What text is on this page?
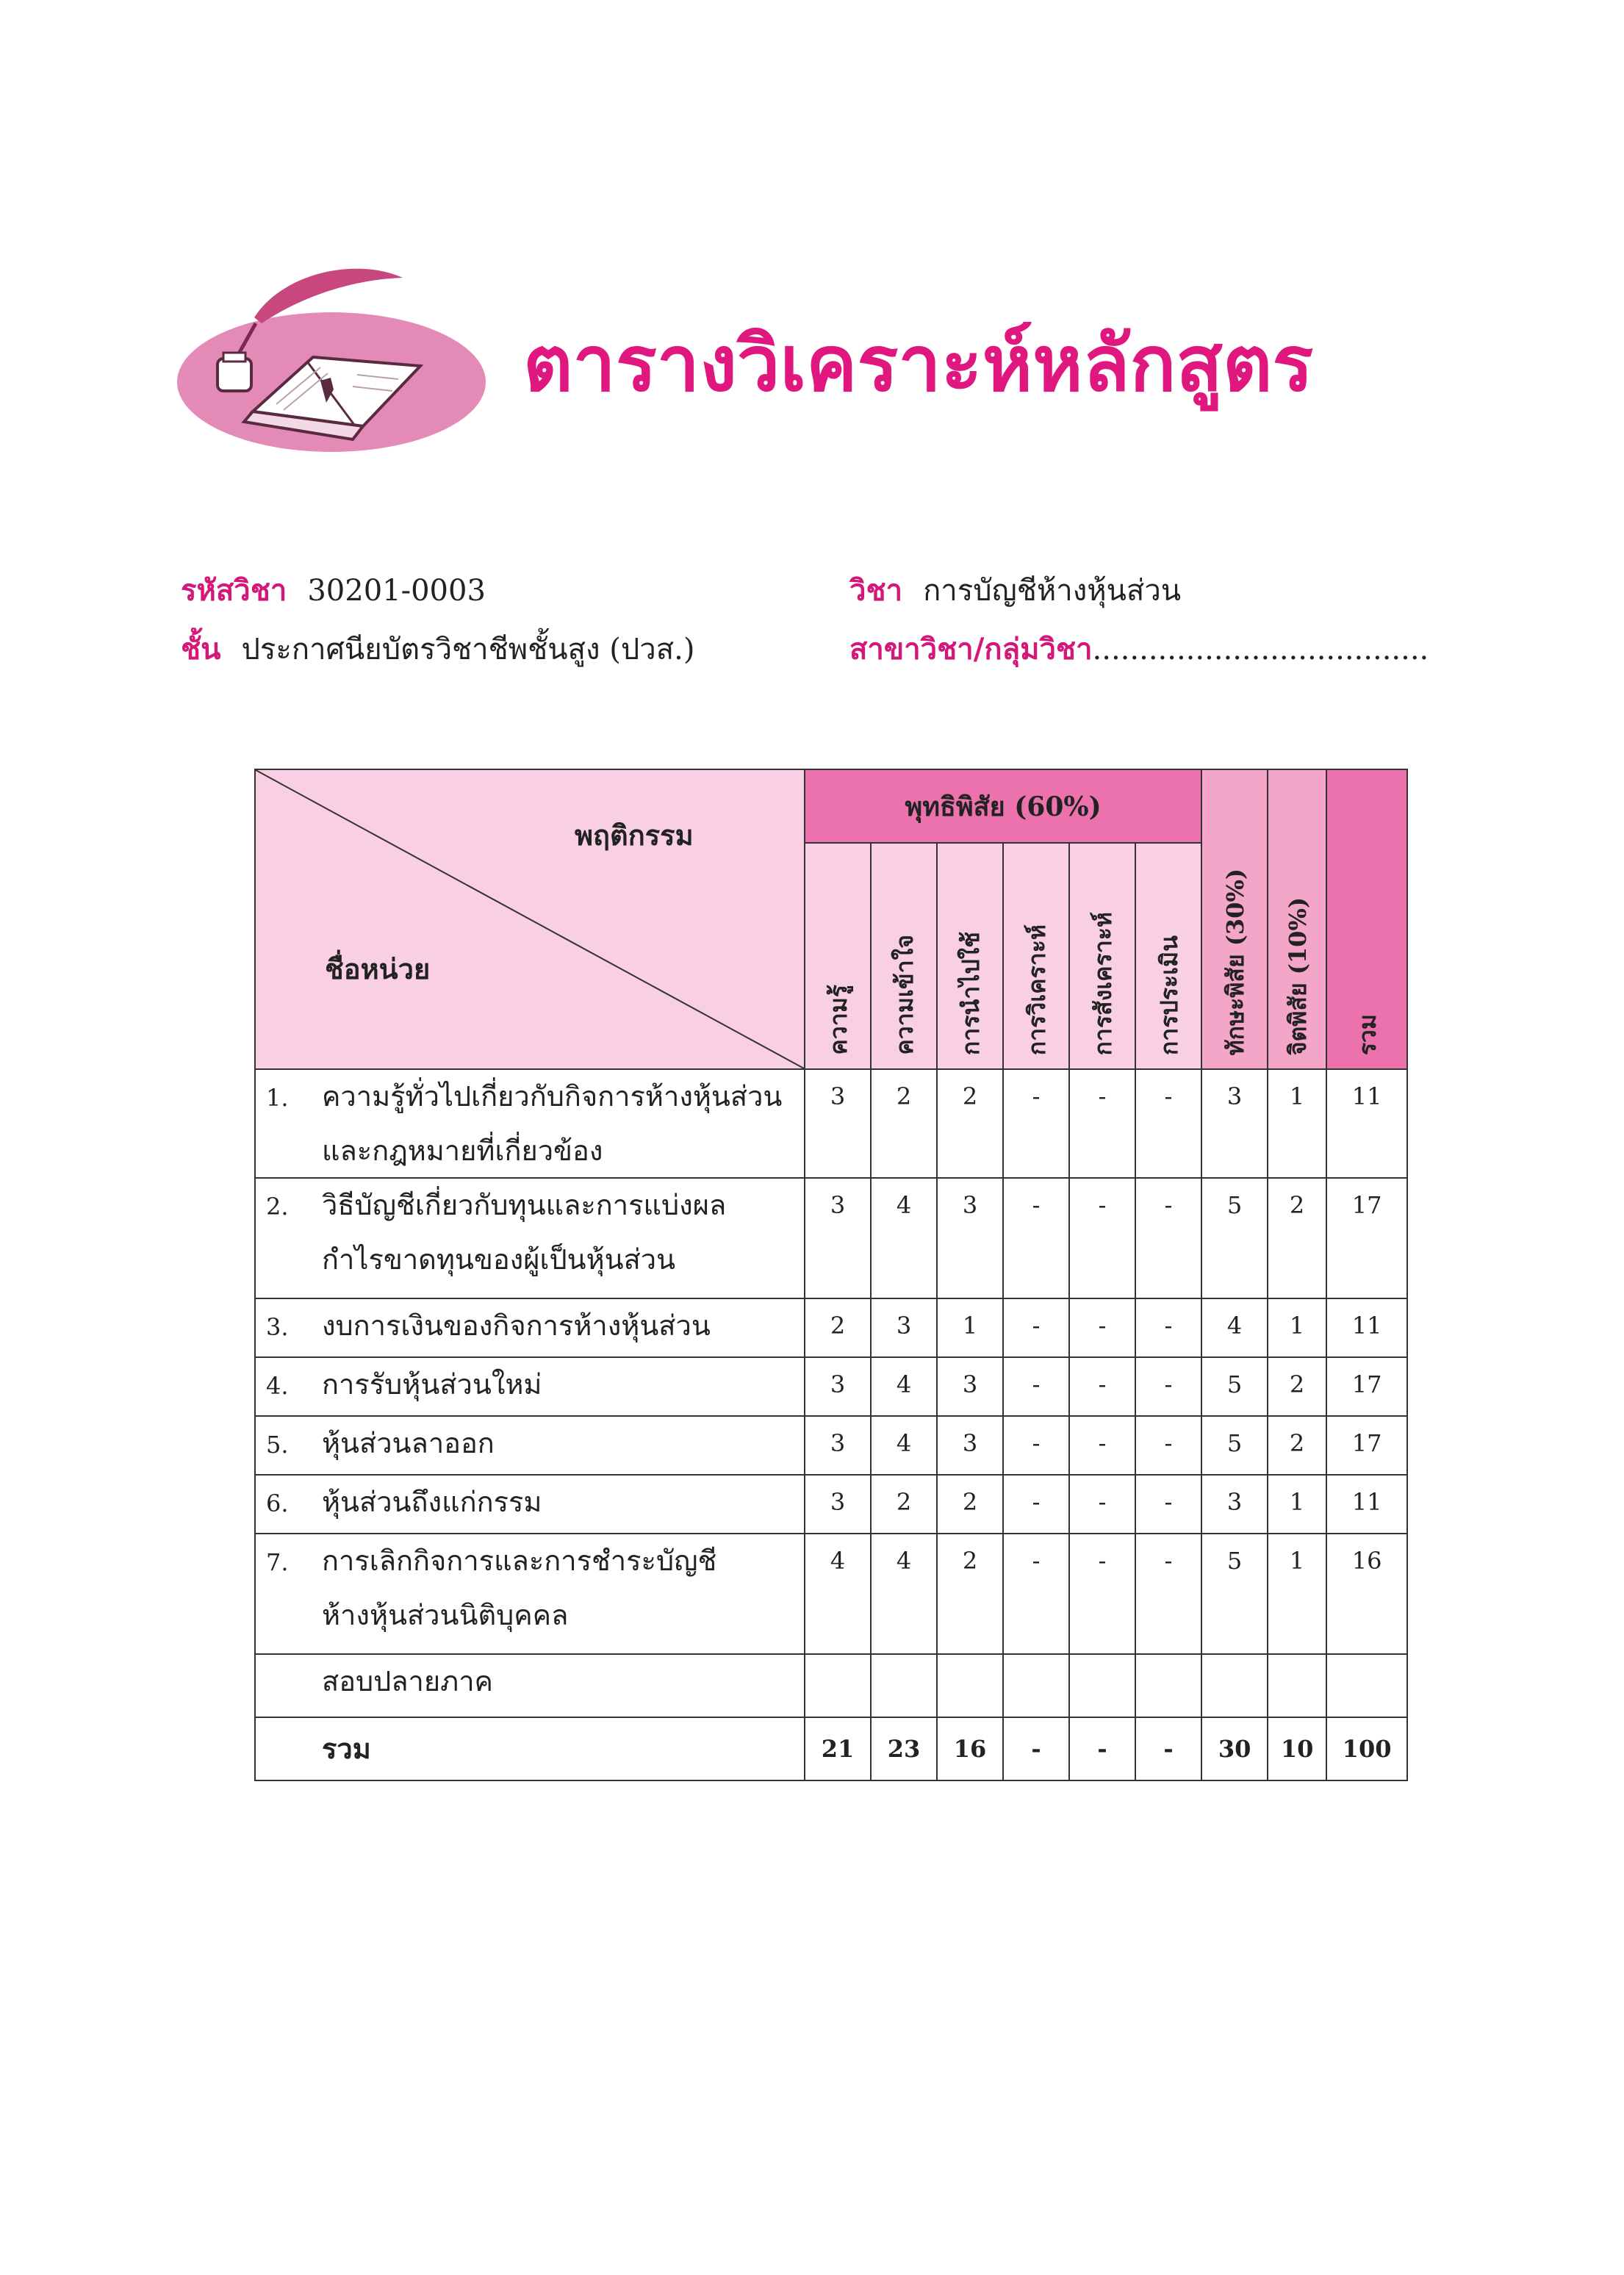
ตารางวิเคราะห์หลักสูตร
รหัสวิชา 30201-0003
ชั้น ประกาศนียบัตรวิชาชีพชั้นสูง (ปวส.)
วิชา การบัญชีห้างหุ้นส่วน
สาขาวิชา/กลุ่มวิชา....................................
พฤติกรรม
ชื่อหน่วย	พุทธิพิสัย (60%)						ทักษะพิสัย (30%)	จิตพิสัย (10%)	รวม
	ความรู้	ความเข้าใจ	การนำไปใช้	การวิเคราะห์	การสังเคราะห์	การประเมิน			
1. ความรู้ทั่วไปเกี่ยวกับกิจการห้างหุ้นส่วน
และกฎหมายที่เกี่ยวข้อง	3	2	2	-	-	-	3	1	11
2. วิธีบัญชีเกี่ยวกับทุนและการแบ่งผล
กำไรขาดทุนของผู้เป็นหุ้นส่วน	3	4	3	-	-	-	5	2	17
3. งบการเงินของกิจการห้างหุ้นส่วน	2	3	1	-	-	-	4	1	11
4. การรับหุ้นส่วนใหม่	3	4	3	-	-	-	5	2	17
5. หุ้นส่วนลาออก	3	4	3	-	-	-	5	2	17
6. หุ้นส่วนถึงแก่กรรม	3	2	2	-	-	-	3	1	11
7. การเลิกกิจการและการชำระบัญชี
ห้างหุ้นส่วนนิติบุคคล	4	4	2	-	-	-	5	1	16
สอบปลายภาค									
รวม	21	23	16	-	-	-	30	10	100
